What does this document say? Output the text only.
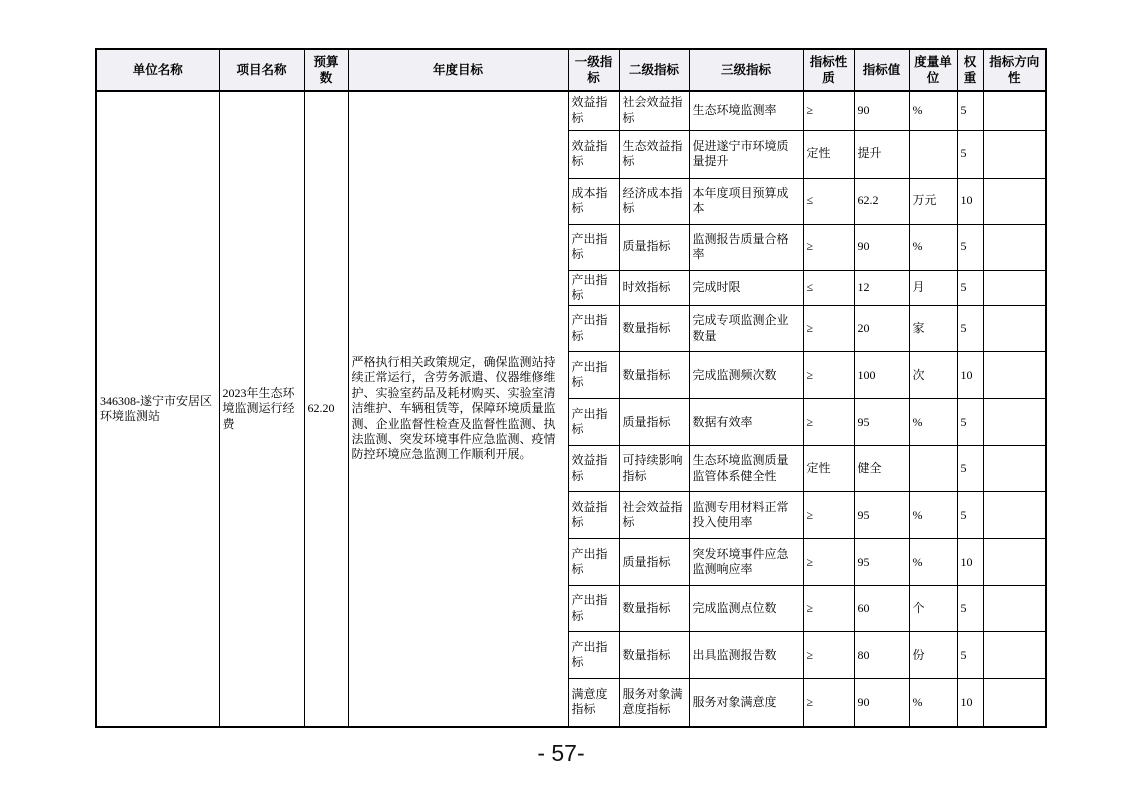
单位名称	项目名称	预算数	年度目标	一级指标	二级指标	三级指标	指标性质	指标值	度量单位	权重	指标方向性
346308-遂宁市安居区环境监测站	2023年生态环境监测运行经费	62.20	严格执行相关政策规定，确保监测站持续正常运行，含劳务派遣、仪器维修维护、实验室药品及耗材购买、实验室清洁维护、车辆租赁等，保障环境质量监测、企业监督性检查及监督性监测、执法监测、突发环境事件应急监测、疫情防控环境应急监测工作顺利开展。	效益指标	社会效益指标	生态环境监测率	≥	90	%	5	
				效益指标	生态效益指标	促进遂宁市环境质量提升	定性	提升		5	
				成本指标	经济成本指标	本年度项目预算成本	≤	62.2	万元	10	
				产出指标	质量指标	监测报告质量合格率	≥	90	%	5	
				产出指标	时效指标	完成时限	≤	12	月	5	
				产出指标	数量指标	完成专项监测企业数量	≥	20	家	5	
				产出指标	数量指标	完成监测频次数	≥	100	次	10	
				产出指标	质量指标	数据有效率	≥	95	%	5	
				效益指标	可持续影响指标	生态环境监测质量监管体系健全性	定性	健全		5	
				效益指标	社会效益指标	监测专用材料正常投入使用率	≥	95	%	5	
				产出指标	质量指标	突发环境事件应急监测响应率	≥	95	%	10	
				产出指标	数量指标	完成监测点位数	≥	60	个	5	
				产出指标	数量指标	出具监测报告数	≥	80	份	5	
				满意度指标	服务对象满意度指标	服务对象满意度	≥	90	%	10	
- 57-
